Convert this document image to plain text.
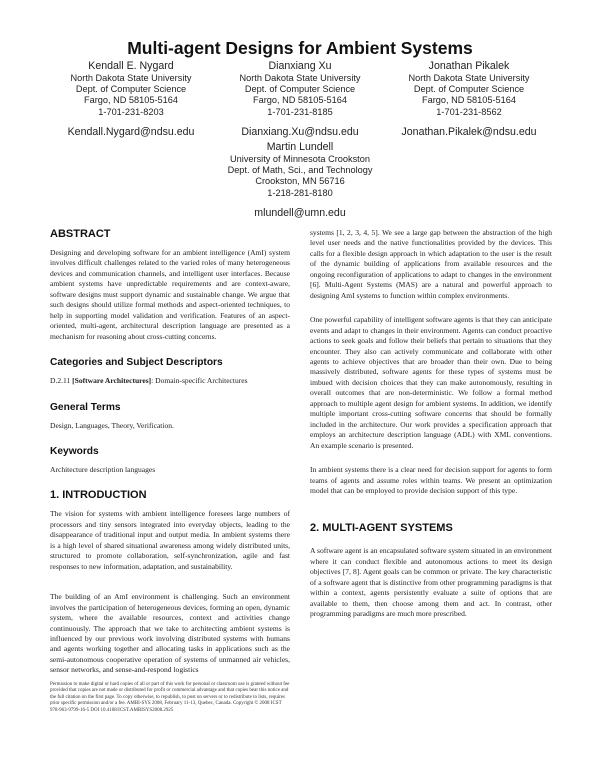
Multi-agent Designs for Ambient Systems
Kendall E. Nygard
North Dakota State University
Dept. of Computer Science
Fargo, ND 58105-5164
1-701-231-8203
Kendall.Nygard@ndsu.edu
Dianxiang Xu
North Dakota State University
Dept. of Computer Science
Fargo, ND 58105-5164
1-701-231-8185
Dianxiang.Xu@ndsu.edu
Jonathan Pikalek
North Dakota State University
Dept. of Computer Science
Fargo, ND 58105-5164
1-701-231-8562
Jonathan.Pikalek@ndsu.edu
Martin Lundell
University of Minnesota Crookston
Dept. of Math, Sci., and Technology
Crookston, MN 56716
1-218-281-8180
mlundell@umn.edu
ABSTRACT

Designing and developing software for an ambient intelligence (AmI) system involves difficult challenges related to the varied roles of many heterogeneous devices and communication channels, and intelligent user interfaces. Because ambient systems have unpredictable requirements and are context-aware, software designs must support dynamic and sustainable change. We argue that such designs should utilize formal methods and aspect-oriented techniques, to help in supporting model validation and verification. Features of an aspect-oriented, multi-agent, architectural description language are presented as a mechanism for reasoning about cross-cutting concerns.

Categories and Subject Descriptors

D.2.11 [Software Architectures]: Domain-specific Architectures

General Terms

Design, Languages, Theory, Verification.

Keywords

Architecture description languages

1. INTRODUCTION

The vision for systems with ambient intelligence foresees large numbers of processors and tiny sensors integrated into everyday objects, leading to the disappearance of traditional input and output media. In ambient systems there is a high level of shared situational awareness among widely distributed units, structured to promote collaboration, self-synchronization, agile and fast responses to new information, adaptation, and sustainability.

The building of an AmI environment is challenging. Such an environment involves the participation of heterogeneous devices, forming an open, dynamic system, where the available resources, context and activities change continuously. The approach that we take to architecting ambient systems is influenced by our previous work involving distributed systems with humans and agents working together and allocating tasks in applications such as the semi-autonomous cooperative operation of systems of unmanned air vehicles, sensor networks, and sense-and-respond logistics

Permission to make digital or hard copies of all or part of this work for personal or classroom use is granted without fee provided that copies are not made or distributed for profit or commercial advantage and that copies bear this notice and the full citation on the first page. To copy otherwise, to republish, to post on servers or to redistribute to lists, requires prior specific permission and/or a fee. AMBI-SYS 2008, February 11-13, Quebec, Canada. Copyright © 2008 ICST 978-963-9799-16-5 DOI 10.4108/ICST.AMBISYS2008.2925

systems [1, 2, 3, 4, 5]. We see a large gap between the abstraction of the high level user needs and the native functionalities provided by the devices. This calls for a flexible design approach in which adaptation to the user is the result of the dynamic building of applications from available resources and the ongoing reconfiguration of applications to adapt to changes in the environment [6]. Multi-Agent Systems (MAS) are a natural and powerful approach to designing AmI systems to function within complex environments.

One powerful capability of intelligent software agents is that they can anticipate events and adapt to changes in their environment. Agents can conduct proactive actions to seek goals and follow their beliefs that pertain to situations that they encounter. They also can actively communicate and collaborate with other agents to achieve objectives that are broader than their own. Due to being massively distributed, software agents for these types of systems must be imbued with decision choices that they can make autonomously, resulting in overall outcomes that are non-deterministic. We follow a formal method approach to multiple agent design for ambient systems. In addition, we identify multiple important cross-cutting software concerns that should be formally included in the architecture. Our work provides a specification approach that employs an architecture description language (ADL) with XML conventions. An example scenario is presented.

In ambient systems there is a clear need for decision support for agents to form teams of agents and assume roles within teams. We present an optimization model that can be employed to provide decision support of this type.

2. MULTI-AGENT SYSTEMS

A software agent is an encapsulated software system situated in an environment where it can conduct flexible and autonomous actions to meet its design objectives [7, 8]. Agent goals can be common or private. The key characteristic of a software agent that is distinctive from other programming paradigms is that within a context, agents persistently evaluate a suite of options that are available to them, then choose among them and act. In contrast, other programming paradigms are much more prescribed.
